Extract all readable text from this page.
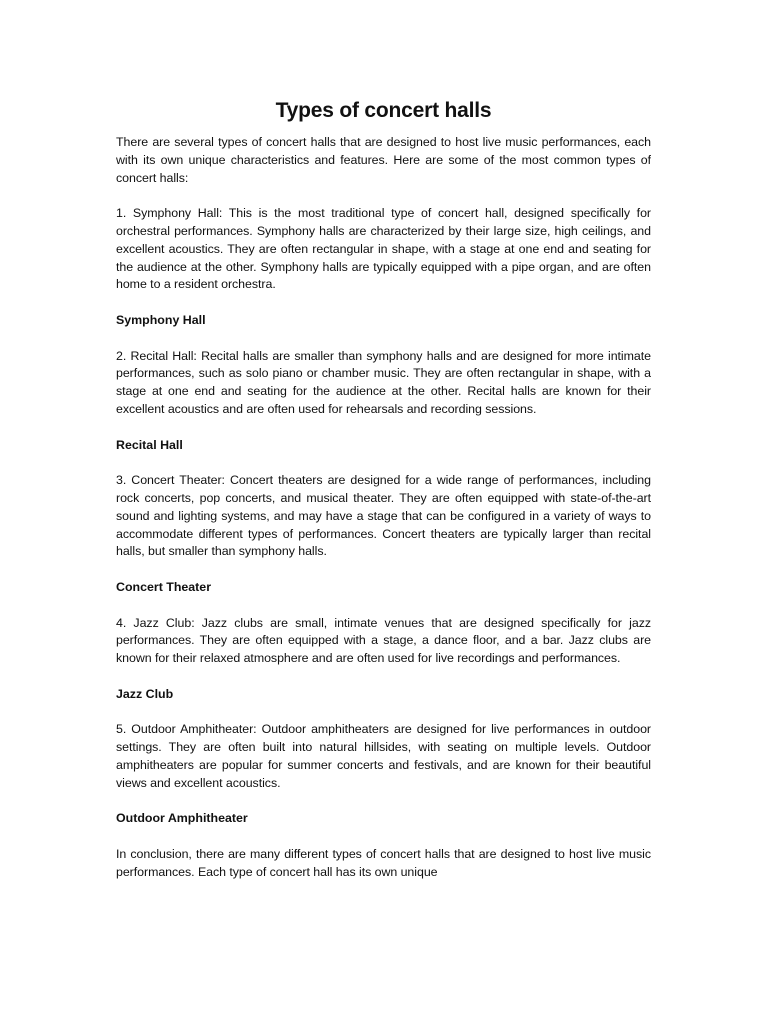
Types of concert halls

There are several types of concert halls that are designed to host live music performances, each with its own unique characteristics and features. Here are some of the most common types of concert halls:

1. Symphony Hall: This is the most traditional type of concert hall, designed specifically for orchestral performances. Symphony halls are characterized by their large size, high ceilings, and excellent acoustics. They are often rectangular in shape, with a stage at one end and seating for the audience at the other. Symphony halls are typically equipped with a pipe organ, and are often home to a resident orchestra.

Symphony Hall

2. Recital Hall: Recital halls are smaller than symphony halls and are designed for more intimate performances, such as solo piano or chamber music. They are often rectangular in shape, with a stage at one end and seating for the audience at the other. Recital halls are known for their excellent acoustics and are often used for rehearsals and recording sessions.

Recital Hall

3. Concert Theater: Concert theaters are designed for a wide range of performances, including rock concerts, pop concerts, and musical theater. They are often equipped with state-of-the-art sound and lighting systems, and may have a stage that can be configured in a variety of ways to accommodate different types of performances. Concert theaters are typically larger than recital halls, but smaller than symphony halls.

Concert Theater

4. Jazz Club: Jazz clubs are small, intimate venues that are designed specifically for jazz performances. They are often equipped with a stage, a dance floor, and a bar. Jazz clubs are known for their relaxed atmosphere and are often used for live recordings and performances.

Jazz Club

5. Outdoor Amphitheater: Outdoor amphitheaters are designed for live performances in outdoor settings. They are often built into natural hillsides, with seating on multiple levels. Outdoor amphitheaters are popular for summer concerts and festivals, and are known for their beautiful views and excellent acoustics.

Outdoor Amphitheater

In conclusion, there are many different types of concert halls that are designed to host live music performances. Each type of concert hall has its own unique
